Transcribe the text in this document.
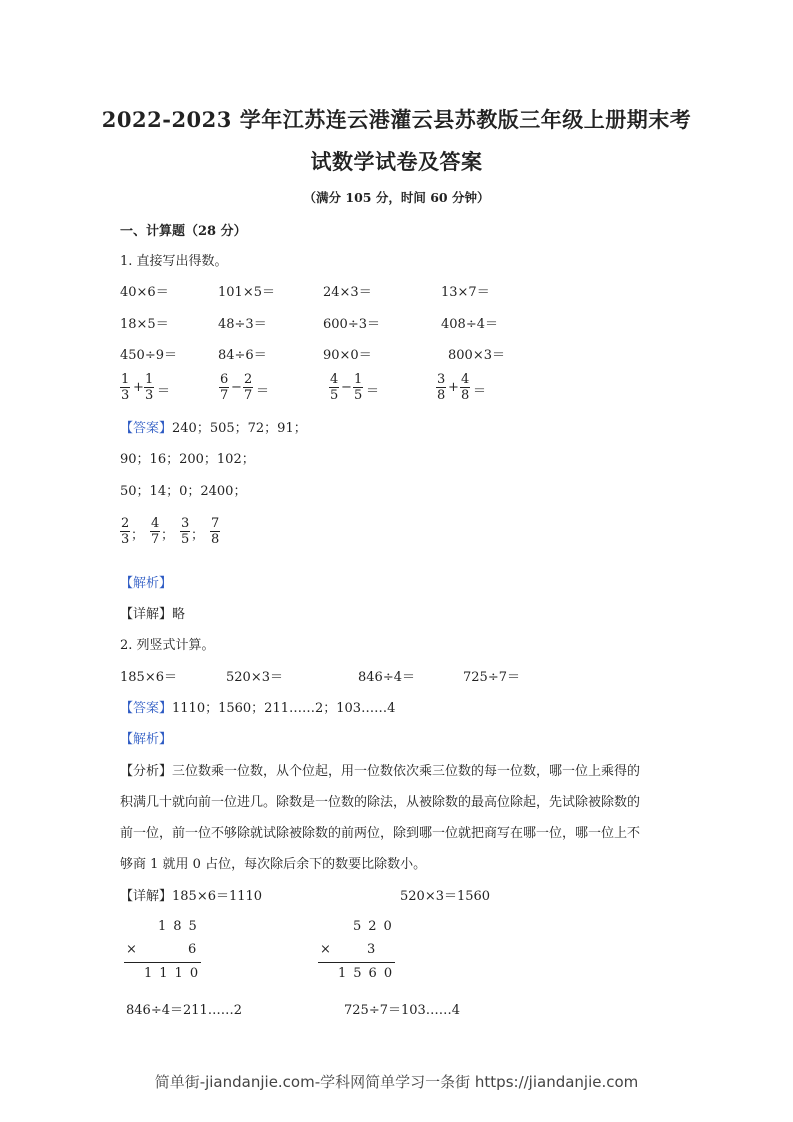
2022-2023 学年江苏连云港灌云县苏教版三年级上册期末考
试数学试卷及答案
（满分 105 分，时间 60 分钟）
一、计算题（28 分）
1. 直接写出得数。
40×6＝	101×5＝	24×3＝	13×7＝
18×5＝	48÷3＝	600÷3＝	408÷4＝
450÷9＝	84÷6＝	90×0＝	800×3＝
1
3
+
1
3 ＝
6
7
−
2
7 ＝
4
5
−
1
5 ＝
3
8
+
4
8 ＝
【答案】240；505；72；91；
90；16；200；102；
50；14；0；2400；
2
3 ；
4
7 ；
3
5 ；
7
8
【解析】
【详解】略
2. 列竖式计算。
185×6＝	520×3＝	846÷4＝	725÷7＝
【答案】1110；1560；211……2；103……4
【解析】
【分析】三位数乘一位数，从个位起，用一位数依次乘三位数的每一位数，哪一位上乘得的
积满几十就向前一位进几。除数是一位数的除法，从被除数的最高位除起，先试除被除数的
前一位，前一位不够除就试除被除数的前两位，除到哪一位就把商写在哪一位，哪一位上不
够商 1 就用 0 占位，每次除后余下的数要比除数小。
【详解】185×6＝1110	520×3＝1560
185
×	6
1110
520
×	3
1560
846÷4＝211……2	725÷7＝103……4
简单街-jiandanjie.com-学科网简单学习一条街 https://jiandanjie.com
